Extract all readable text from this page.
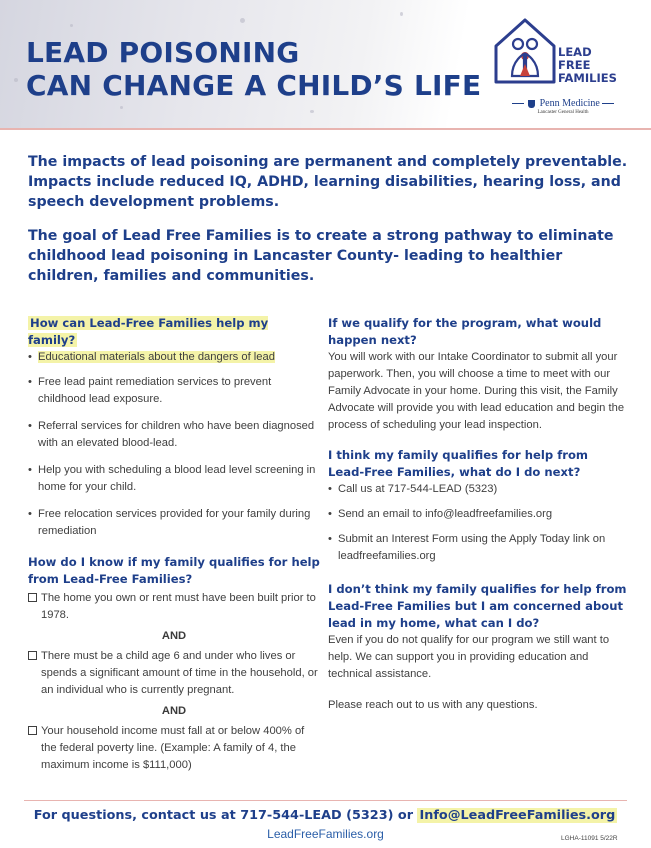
LEAD POISONING
CAN CHANGE A CHILD’S LIFE
LEAD
FREE
FAMILIES
Penn Medicine
Lancaster General Health

The impacts of lead poisoning are permanent and completely preventable. Impacts include reduced IQ, ADHD, learning disabilities, hearing loss, and speech development problems.

The goal of Lead Free Families is to create a strong pathway to eliminate childhood lead poisoning in Lancaster County- leading to healthier children, families and communities.

How can Lead-Free Families help my family?
• Educational materials about the dangers of lead
• Free lead paint remediation services to prevent childhood lead exposure.
• Referral services for children who have been diagnosed with an elevated blood-lead.
• Help you with scheduling a blood lead level screening in home for your child.
• Free relocation services provided for your family during remediation
How do I know if my family qualifies for help from Lead-Free Families?
The home you own or rent must have been built prior to 1978.
AND
There must be a child age 6 and under who lives or spends a significant amount of time in the household, or an individual who is currently pregnant.
AND
Your household income must fall at or below 400% of the federal poverty line. (Example: A family of 4, the maximum income is $111,000)
If we qualify for the program, what would happen next?

You will work with our Intake Coordinator to submit all your paperwork. Then, you will choose a time to meet with our Family Advocate in your home. During this visit, the Family Advocate will provide you with lead education and begin the process of scheduling your lead inspection.

I think my family qualifies for help from Lead-Free Families, what do I do next?
• Call us at 717-544-LEAD (5323)
• Send an email to info@leadfreefamilies.org
• Submit an Interest Form using the Apply Today link on leadfreefamilies.org
I don’t think my family qualifies for help from Lead-Free Families but I am concerned about lead in my home, what can I do?

Even if you do not qualify for our program we still want to help. We can support you in providing education and technical assistance.

Please reach out to us with any questions.

For questions, contact us at 717-544-LEAD (5323) or Info@LeadFreeFamilies.org
LeadFreeFamilies.org	LGHA-11091 5/22R
